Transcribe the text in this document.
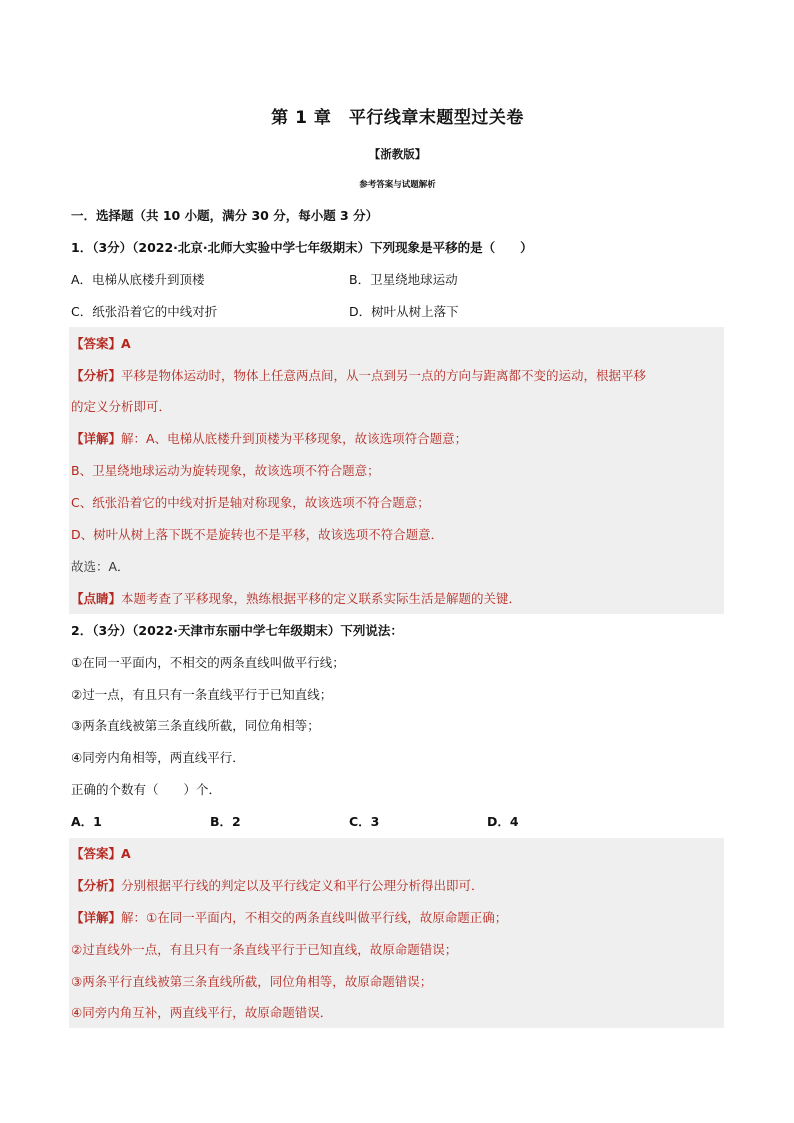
第 1 章　平行线章末题型过关卷
【浙教版】
参考答案与试题解析
一．选择题（共 10 小题，满分 30 分，每小题 3 分）
1．（3分）（2022·北京·北师大实验中学七年级期末）下列现象是平移的是（　　）
A．电梯从底楼升到顶楼	B．卫星绕地球运动
C．纸张沿着它的中线对折	D．树叶从树上落下
【答案】A
【分析】平移是物体运动时，物体上任意两点间，从一点到另一点的方向与距离都不变的运动，根据平移
的定义分析即可．
【详解】解：A、电梯从底楼升到顶楼为平移现象，故该选项符合题意；
B、卫星绕地球运动为旋转现象，故该选项不符合题意；
C、纸张沿着它的中线对折是轴对称现象，故该选项不符合题意；
D、树叶从树上落下既不是旋转也不是平移，故该选项不符合题意．
故选：A．
【点睛】本题考查了平移现象，熟练根据平移的定义联系实际生活是解题的关键．
2．（3分）（2022·天津市东丽中学七年级期末）下列说法：
①在同一平面内，不相交的两条直线叫做平行线；
②过一点，有且只有一条直线平行于已知直线；
③两条直线被第三条直线所截，同位角相等；
④同旁内角相等，两直线平行．
正确的个数有（　　）个．
A．1	B．2	C．3	D．4
【答案】A
【分析】分别根据平行线的判定以及平行线定义和平行公理分析得出即可．
【详解】解：①在同一平面内，不相交的两条直线叫做平行线，故原命题正确；
②过直线外一点，有且只有一条直线平行于已知直线，故原命题错误；
③两条平行直线被第三条直线所截，同位角相等，故原命题错误；
④同旁内角互补，两直线平行，故原命题错误．
